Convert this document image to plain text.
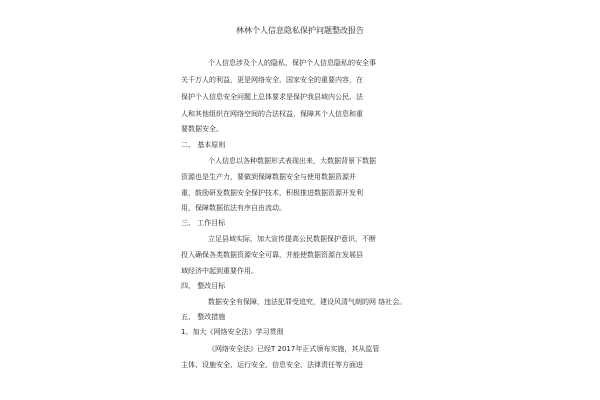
林林个人信息隐私保护问题整改报告
个人信息涉及个人的隐私，保护个人信息隐私的安全事
关千万人的利益，更是网络安全、国家安全的重要内容，在
保护个人信息安全问题上总体要求是保护我县域内公民、法
人和其他组织在网络空间的合法权益，保障其个人信息和重
要数据安全。
二、 基本原则
个人信息以各种数据形式表现出来，大数据背景下数据
资源也是生产力，要做到保障数据安全与使用数据资源并
重，鼓励研发数据安全保护技术，积极推进数据资源开发利
用，保障数据依法有序自由流动。
三、 工作目标
立足县域实际，加大宣传提高公民数据保护意识，不断
投入确保各类数据资源安全可靠，并能使数据资源在发展县
域经济中起到重要作用。
四、 整改目标
数据安全有保障，违法犯罪受追究，建设风清气朗的网 络社会。
五、 整改措施
1、加大《网络安全法》学习贯彻
《网络安全法》已经T 2017年正式颁布实施，其从监管
主体、设施安全、运行安全、信息安全、法律责任等方面进
